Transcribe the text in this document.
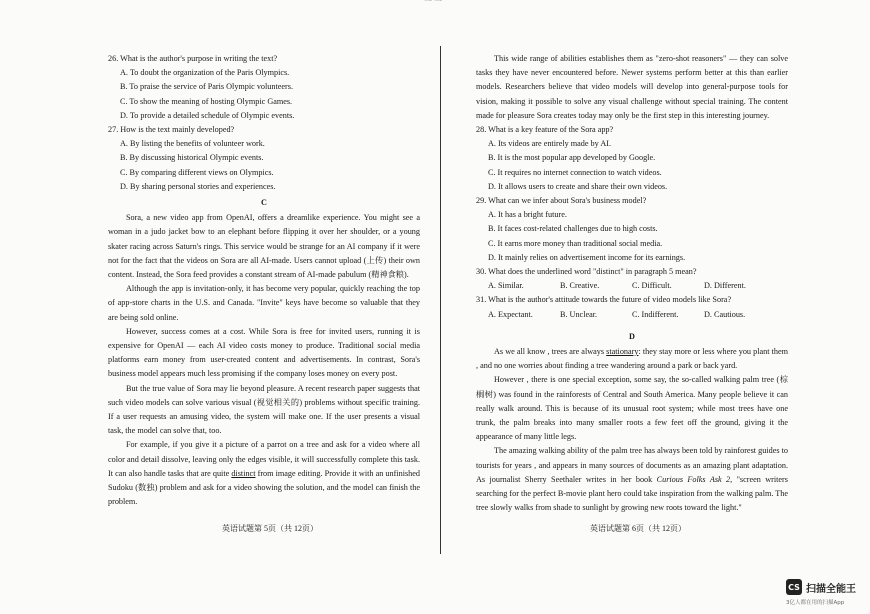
一 一

26. What is the author's purpose in writing the text?

A. To doubt the organization of the Paris Olympics.

B. To praise the service of Paris Olympic volunteers.

C. To show the meaning of hosting Olympic Games.

D. To provide a detailed schedule of Olympic events.

27. How is the text mainly developed?

A. By listing the benefits of volunteer work.

B. By discussing historical Olympic events.

C. By comparing different views on Olympics.

D. By sharing personal stories and experiences.

C

Sora, a new video app from OpenAI, offers a dreamlike experience. You might see a woman in a judo jacket bow to an elephant before flipping it over her shoulder, or a young skater racing across Saturn's rings. This service would be strange for an AI company if it were not for the fact that the videos on Sora are all AI-made. Users cannot upload (上传) their own content. Instead, the Sora feed provides a constant stream of AI-made pabulum (精神食粮).

Although the app is invitation-only, it has become very popular, quickly reaching the top of app-store charts in the U.S. and Canada. "Invite" keys have become so valuable that they are being sold online.

However, success comes at a cost. While Sora is free for invited users, running it is expensive for OpenAI — each AI video costs money to produce. Traditional social media platforms earn money from user-created content and advertisements. In contrast, Sora's business model appears much less promising if the company loses money on every post.

But the true value of Sora may lie beyond pleasure. A recent research paper suggests that such video models can solve various visual (视觉相关的) problems without specific training. If a user requests an amusing video, the system will make one. If the user presents a visual task, the model can solve that, too.

For example, if you give it a picture of a parrot on a tree and ask for a video where all color and detail dissolve, leaving only the edges visible, it will successfully complete this task. It can also handle tasks that are quite distinct from image editing. Provide it with an unfinished Sudoku (数独) problem and ask for a video showing the solution, and the model can finish the problem.

This wide range of abilities establishes them as "zero-shot reasoners" — they can solve tasks they have never encountered before. Newer systems perform better at this than earlier models. Researchers believe that video models will develop into general-purpose tools for vision, making it possible to solve any visual challenge without special training. The content made for pleasure Sora creates today may only be the first step in this interesting journey.

28. What is a key feature of the Sora app?

A. Its videos are entirely made by AI.

B. It is the most popular app developed by Google.

C. It requires no internet connection to watch videos.

D. It allows users to create and share their own videos.

29. What can we infer about Sora's business model?

A. It has a bright future.

B. It faces cost-related challenges due to high costs.

C. It earns more money than traditional social media.

D. It mainly relies on advertisement income for its earnings.

30. What does the underlined word "distinct" in paragraph 5 mean?

A. Similar.	B. Creative.	C. Difficult.	D. Different.

31. What is the author's attitude towards the future of video models like Sora?

A. Expectant.	B. Unclear.	C. Indifferent.	D. Cautious.

D

As we all know , trees are always stationary: they stay more or less where you plant them , and no one worries about finding a tree wandering around a park or back yard.

However , there is one special exception, some say, the so-called walking palm tree (棕榈树) was found in the rainforests of Central and South America. Many people believe it can really walk around. This is because of its unusual root system; while most trees have one trunk, the palm breaks into many smaller roots a few feet off the ground, giving it the appearance of many little legs.

The amazing walking ability of the palm tree has always been told by rainforest guides to tourists for years , and appears in many sources of documents as an amazing plant adaptation. As journalist Sherry Seethaler writes in her book Curious Folks Ask 2, "screen writers searching for the perfect B-movie plant hero could take inspiration from the walking palm. The tree slowly walks from shade to sunlight by growing new roots toward the light."

英语试题第 5页（共 12页）	英语试题第 6页（共 12页）
CS 扫描全能王
3亿人都在用的扫描App
